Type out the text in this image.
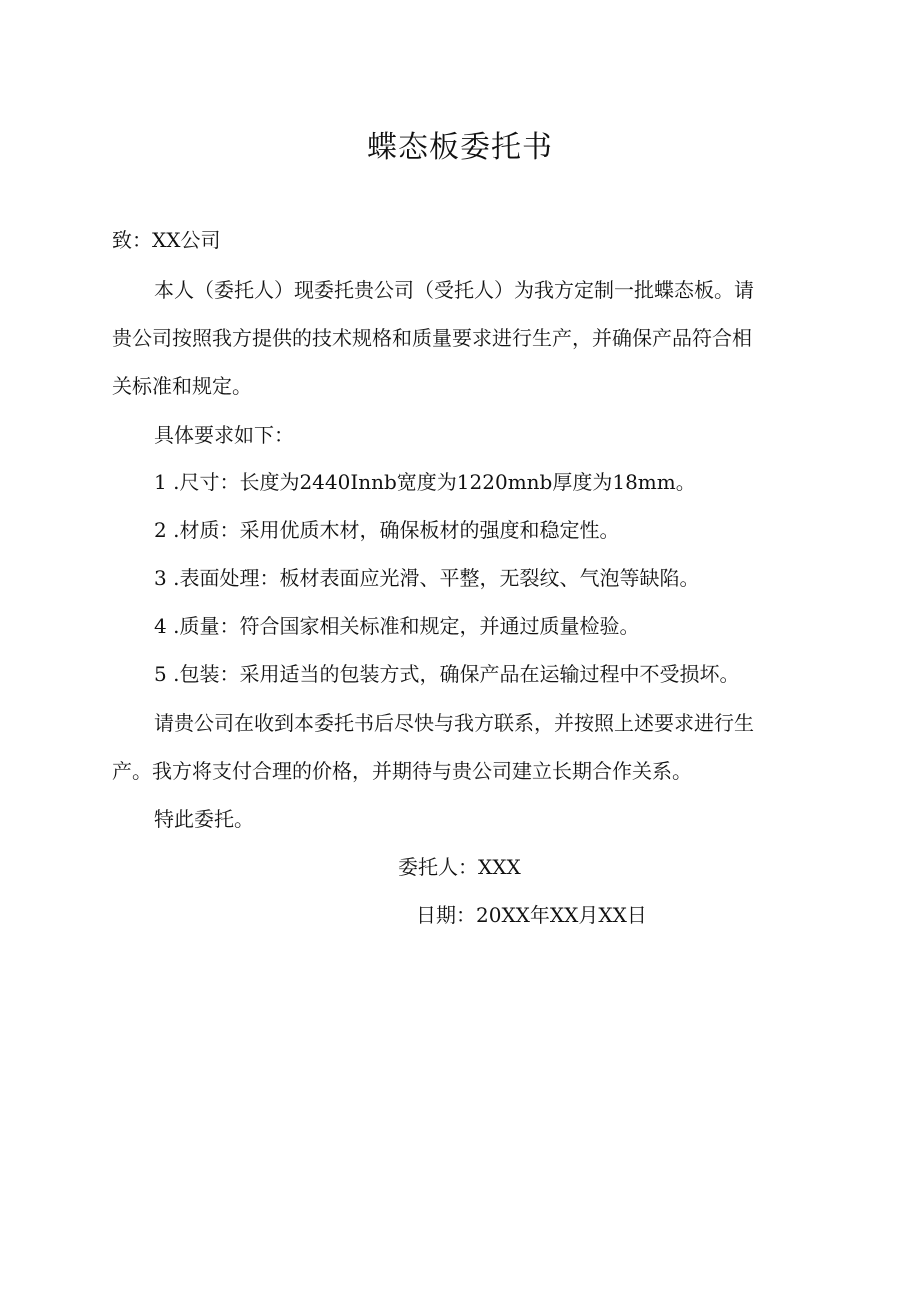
蝶态板委托书

致：XX公司

本人（委托人）现委托贵公司（受托人）为我方定制一批蝶态板。请

贵公司按照我方提供的技术规格和质量要求进行生产，并确保产品符合相

关标准和规定。

具体要求如下：

1 .尺寸：长度为2440Innb宽度为1220mnb厚度为18mm。

2 .材质：采用优质木材，确保板材的强度和稳定性。

3 .表面处理：板材表面应光滑、平整，无裂纹、气泡等缺陷。

4 .质量：符合国家相关标准和规定，并通过质量检验。

5 .包装：采用适当的包装方式，确保产品在运输过程中不受损坏。

请贵公司在收到本委托书后尽快与我方联系，并按照上述要求进行生

产。我方将支付合理的价格，并期待与贵公司建立长期合作关系。

特此委托。

委托人：XXX

日期：20XX年XX月XX日
